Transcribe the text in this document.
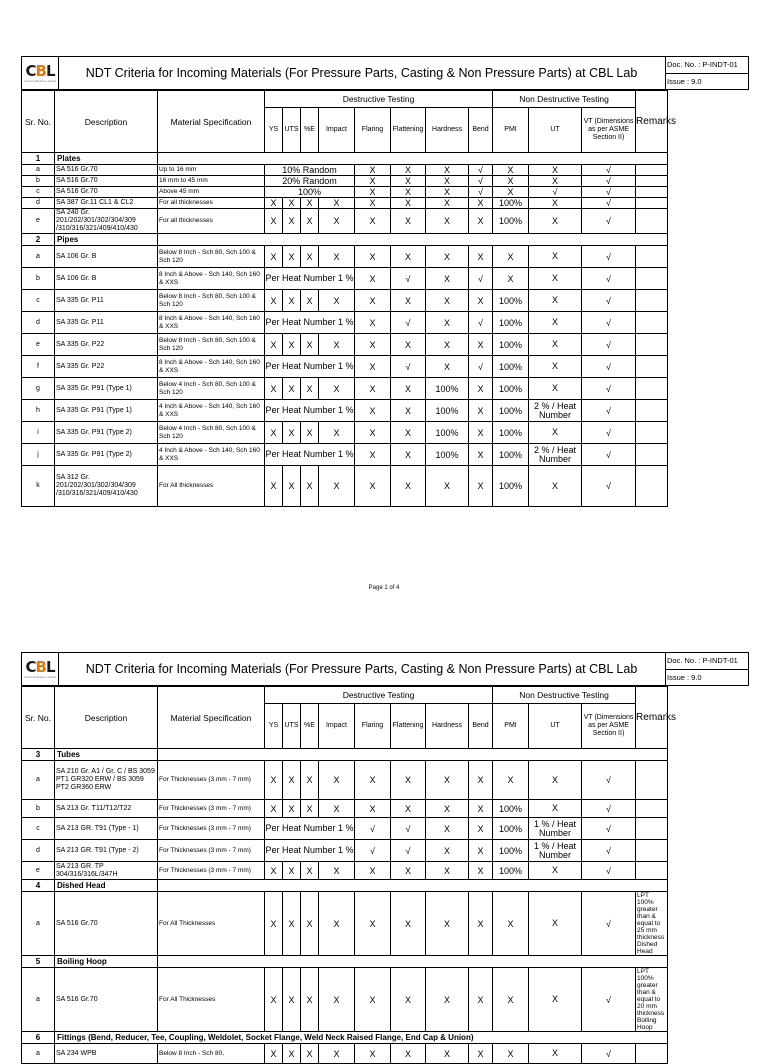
CBL
Cheema Boilers Limited
NDT Criteria for Incoming Materials (For Pressure Parts, Casting & Non Pressure Parts) at CBL Lab
Doc. No. : P-INDT-01
Issue : 9.0
Sr. No.	Description	Material Specification	Destructive Testing								Non Destructive Testing			Remarks
			YS	UTS	%E	Impact	Flaring	Flattening	Hardness	Bend	PMI	UT	VT (Dimensions as per ASME Section II)	
1	Plates													
a	SA 516 Gr.70	Up to 16 mm	10% Random				X	X	X	√	X	X	√	
b	SA 516 Gr.70	16 mm to 45 mm	20% Random				X	X	X	√	X	X	√	
c	SA 516 Gr.70	Above 45 mm	100%				X	X	X	√	X	√	√	
d	SA 387 Gr.11 CL1 & CL2	For all thicknesses	X	X	X	X	X	X	X	X	100%	X	√	
e	SA 240 Gr. 201/202/301/302/304/309 /310/316/321/409/410/430	For all thicknesses	X	X	X	X	X	X	X	X	100%	X	√	
2	Pipes													
a	SA 106 Gr. B	Below 8 Inch - Sch 80, Sch 100 & Sch 120	X	X	X	X	X	X	X	X	X	X	√	
b	SA 106 Gr. B	8 Inch & Above - Sch 140, Sch 160 & XXS	Per Heat Number 1 %				X	√	X	√	X	X	√	
c	SA 335 Gr. P11	Below 8 Inch - Sch 80, Sch 100 & Sch 120	X	X	X	X	X	X	X	X	100%	X	√	
d	SA 335 Gr. P11	8 Inch & Above - Sch 140, Sch 160 & XXS	Per Heat Number 1 %				X	√	X	√	100%	X	√	
e	SA 335 Gr. P22	Below 8 Inch - Sch 80, Sch 100 & Sch 120	X	X	X	X	X	X	X	X	100%	X	√	
f	SA 335 Gr. P22	8 Inch & Above - Sch 140, Sch 160 & XXS	Per Heat Number 1 %				X	√	X	√	100%	X	√	
g	SA 335 Gr. P91 (Type 1)	Below 4 Inch - Sch 80, Sch 100 & Sch 120	X	X	X	X	X	X	100%	X	100%	X	√	
h	SA 335 Gr. P91 (Type 1)	4 Inch & Above - Sch 140, Sch 160 & XXS	Per Heat Number 1 %				X	X	100%	X	100%	2 % / Heat Number	√	
i	SA 335 Gr. P91 (Type 2)	Below 4 Inch - Sch 80, Sch 100 & Sch 120	X	X	X	X	X	X	100%	X	100%	X	√	
j	SA 335 Gr. P91 (Type 2)	4 Inch & Above - Sch 140, Sch 160 & XXS	Per Heat Number 1 %				X	X	100%	X	100%	2 % / Heat Number	√	
k	SA 312 Gr. 201/202/301/302/304/309 /310/316/321/409/410/430	For All thicknesses	X	X	X	X	X	X	X	X	100%	X	√	
Page 1 of 4
CBL
Cheema Boilers Limited
NDT Criteria for Incoming Materials (For Pressure Parts, Casting & Non Pressure Parts) at CBL Lab
Doc. No. : P-INDT-01
Issue : 9.0
Sr. No.	Description	Material Specification	Destructive Testing								Non Destructive Testing			Remarks
			YS	UTS	%E	Impact	Flaring	Flattening	Hardness	Bend	PMI	UT	VT (Dimensions as per ASME Section II)	
3	Tubes													
a	SA 210 Gr. A1 / Gr. C / BS 3059 PT1 GR320 ERW / BS 3059 PT2 GR360 ERW	For Thicknesses (3 mm - 7 mm)	X	X	X	X	X	X	X	X	X	X	√	
b	SA 213 Gr. T11/T12/T22	For Thicknesses (3 mm - 7 mm)	X	X	X	X	X	X	X	X	100%	X	√	
c	SA 213 GR. T91 (Type - 1)	For Thicknesses (3 mm - 7 mm)	Per Heat Number 1 %				√	√	X	X	100%	1 % / Heat Number	√	
d	SA 213 GR. T91 (Type - 2)	For Thicknesses (3 mm - 7 mm)	Per Heat Number 1 %				√	√	X	X	100%	1 % / Heat Number	√	
e	SA 213 GR. TP 304/316/316L/347H	For Thicknesses (3 mm - 7 mm)	X	X	X	X	X	X	X	X	100%	X	√	
4	Dished Head													
a	SA 516 Gr.70	For All Thicknesses	X	X	X	X	X	X	X	X	X	X	√	LPT 100% greater than & equal to 25 mm thickness Dished Head
5	Boiling Hoop													
a	SA 516 Gr.70	For All Thicknesses	X	X	X	X	X	X	X	X	X	X	√	LPT 100% greater than & equal to 20 mm thickness Boiling Hoop
6	Fittings (Bend, Reducer, Tee, Coupling, Weldolet, Socket Flange, Weld Neck Raised Flange, End Cap & Union)													
a	SA 234 WPB	Below 8 Inch - Sch 80,	X	X	X	X	X	X	X	X	X	X	√	
